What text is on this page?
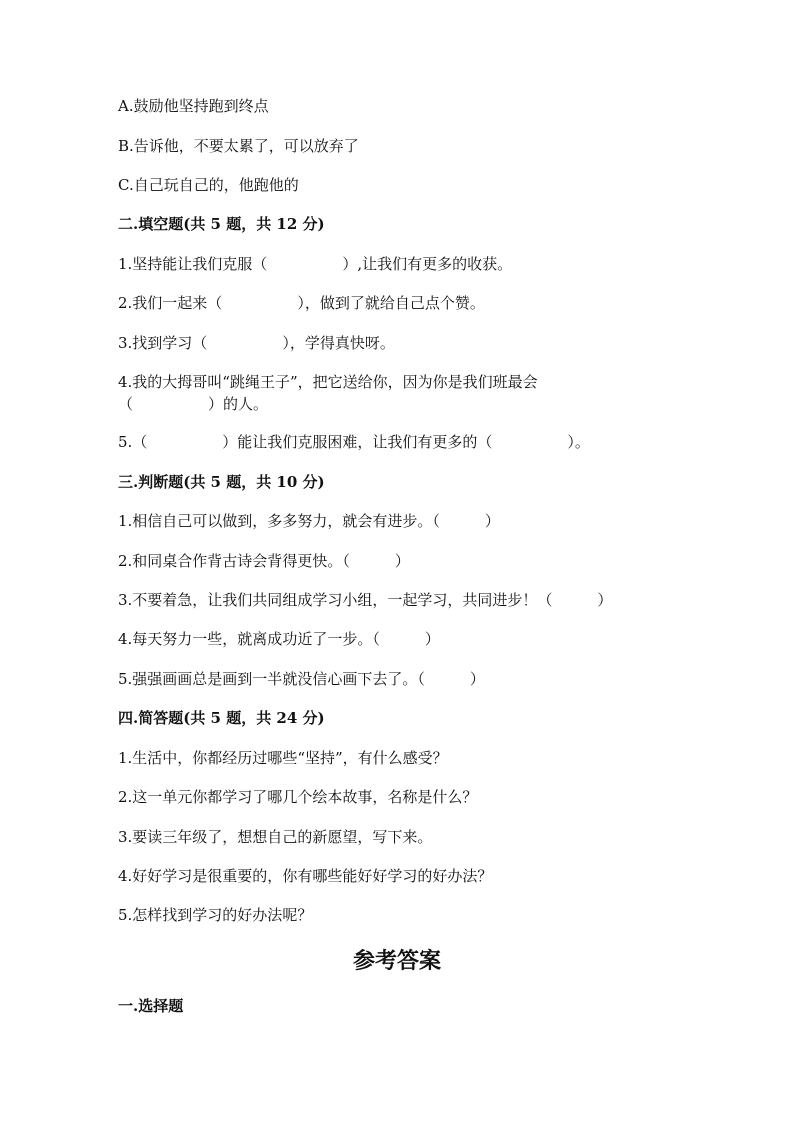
A.鼓励他坚持跑到终点
B.告诉他，不要太累了，可以放弃了
C.自己玩自己的，他跑他的
二.填空题(共 5 题，共 12 分)
1.坚持能让我们克服（　　　　　）,让我们有更多的收获。
2.我们一起来（　　　　　），做到了就给自己点个赞。
3.找到学习（　　　　　），学得真快呀。
4.我的大拇哥叫“跳绳王子”，把它送给你，因为你是我们班最会
（　　　　　）的人。
5.（　　　　　）能让我们克服困难，让我们有更多的（　　　　　）。
三.判断题(共 5 题，共 10 分)
1.相信自己可以做到，多多努力，就会有进步。（　　　）
2.和同桌合作背古诗会背得更快。（　　　）
3.不要着急，让我们共同组成学习小组，一起学习，共同进步！（　　　）
4.每天努力一些，就离成功近了一步。（　　　）
5.强强画画总是画到一半就没信心画下去了。（　　　）
四.简答题(共 5 题，共 24 分)
1.生活中，你都经历过哪些“坚持”，有什么感受？
2.这一单元你都学习了哪几个绘本故事，名称是什么？
3.要读三年级了，想想自己的新愿望，写下来。
4.好好学习是很重要的，你有哪些能好好学习的好办法？
5.怎样找到学习的好办法呢？
参考答案
一.选择题
